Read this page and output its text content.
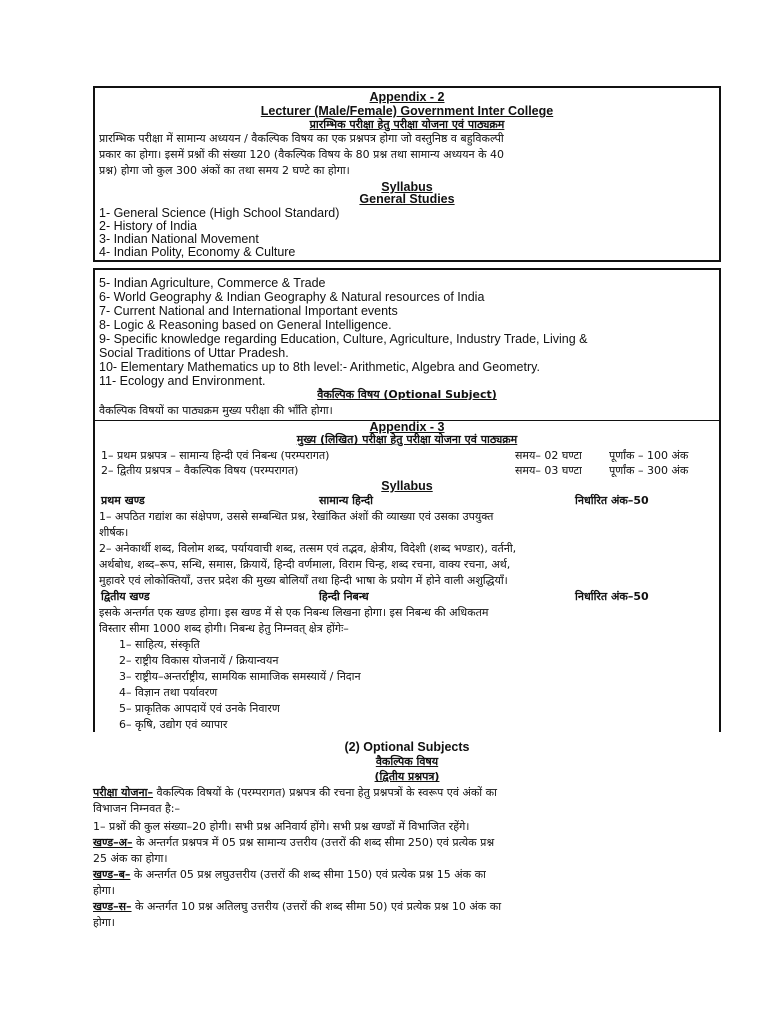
Appendix - 2
Lecturer (Male/Female) Government Inter College
प्रारम्भिक परीक्षा हेतु परीक्षा योजना एवं पाठ्यक्रम
प्रारम्भिक परीक्षा में सामान्य अध्ययन / वैकल्पिक विषय का एक प्रश्नपत्र होगा जो वस्तुनिष्ठ व बहुविकल्पी
प्रकार का होगा। इसमें प्रश्नों की संख्या 120 (वैकल्पिक विषय के 80 प्रश्न तथा सामान्य अध्ययन के 40
प्रश्न) होगा जो कुल 300 अंकों का तथा समय 2 घण्टे का होगा।
Syllabus
General Studies
1- General Science (High School Standard)
2- History of India
3- Indian National Movement
4- Indian Polity, Economy & Culture
5- Indian Agriculture, Commerce & Trade
6- World Geography & Indian Geography & Natural resources of India
7- Current National and International Important events
8- Logic & Reasoning based on General Intelligence.
9- Specific knowledge regarding Education, Culture, Agriculture, Industry Trade, Living &
Social Traditions of Uttar Pradesh.
10- Elementary Mathematics up to 8th level:- Arithmetic, Algebra and Geometry.
11- Ecology and Environment.
वैकल्पिक विषय (Optional Subject)
वैकल्पिक विषयों का पाठ्यक्रम मुख्य परीक्षा की भाँति होगा।
Appendix - 3
मुख्य (लिखित) परीक्षा हेतु परीक्षा योजना एवं पाठ्यक्रम
1– प्रथम प्रश्नपत्र – सामान्य हिन्दी एवं निबन्ध (परम्परागत)	समय– 02 घण्टा पूर्णांक – 100 अंक
2– द्वितीय प्रश्नपत्र – वैकल्पिक विषय (परम्परागत)	समय– 03 घण्टा पूर्णांक – 300 अंक
Syllabus
प्रथम खण्ड	सामान्य हिन्दी	निर्धारित अंक–50
1– अपठित गद्यांश का संक्षेपण, उससे सम्बन्धित प्रश्न, रेखांकित अंशों की व्याख्या एवं उसका उपयुक्त
शीर्षक।
2– अनेकार्थी शब्द, विलोम शब्द, पर्यायवाची शब्द, तत्सम एवं तद्भव, क्षेत्रीय, विदेशी (शब्द भण्डार), वर्तनी,
अर्थबोध, शब्द–रूप, सन्धि, समास, क्रियायें, हिन्दी वर्णमाला, विराम चिन्ह, शब्द रचना, वाक्य रचना, अर्थ,
मुहावरे एवं लोकोक्तियाँ, उत्तर प्रदेश की मुख्य बोलियाँ तथा हिन्दी भाषा के प्रयोग में होने वाली अशुद्धियाँ।
द्वितीय खण्ड	हिन्दी निबन्ध	निर्धारित अंक–50
इसके अन्तर्गत एक खण्ड होगा। इस खण्ड में से एक निबन्ध लिखना होगा। इस निबन्ध की अधिकतम
विस्तार सीमा 1000 शब्द होगी। निबन्ध हेतु निम्नवत् क्षेत्र होंगेः–
1– साहित्य, संस्कृति
2– राष्ट्रीय विकास योजनायें / क्रियान्वयन
3– राष्ट्रीय–अन्तर्राष्ट्रीय, सामयिक सामाजिक समस्यायें / निदान
4– विज्ञान तथा पर्यावरण
5– प्राकृतिक आपदायें एवं उनके निवारण
6– कृषि, उद्योग एवं व्यापार
(2) Optional Subjects
वैकल्पिक विषय
(द्वितीय प्रश्नपत्र)
परीक्षा योजना– वैकल्पिक विषयों के (परम्परागत) प्रश्नपत्र की रचना हेतु प्रश्नपत्रों के स्वरूप एवं अंकों का
विभाजन निम्नवत है:–
1– प्रश्नों की कुल संख्या–20 होगी। सभी प्रश्न अनिवार्य होंगे। सभी प्रश्न खण्डों में विभाजित रहेंगे।
खण्ड–अ– के अन्तर्गत प्रश्नपत्र में 05 प्रश्न सामान्य उत्तरीय (उत्तरों की शब्द सीमा 250) एवं प्रत्येक प्रश्न
25 अंक का होगा।
खण्ड–ब– के अन्तर्गत 05 प्रश्न लघुउत्तरीय (उत्तरों की शब्द सीमा 150) एवं प्रत्येक प्रश्न 15 अंक का
होगा।
खण्ड–स– के अन्तर्गत 10 प्रश्न अतिलघु उत्तरीय (उत्तरों की शब्द सीमा 50) एवं प्रत्येक प्रश्न 10 अंक का
होगा।
